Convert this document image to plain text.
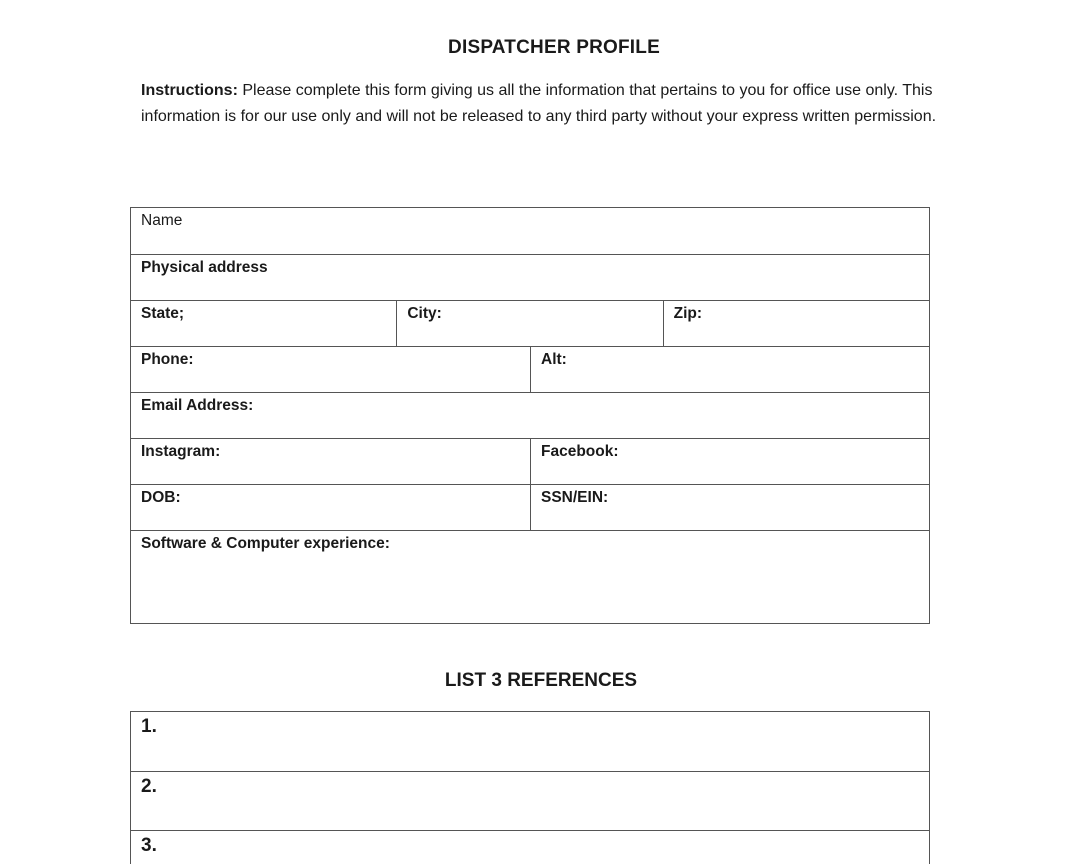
DISPATCHER PROFILE
Instructions: Please complete this form giving us all the information that pertains to you for office use only. This information is for our use only and will not be released to any third party without your express written permission.
Name
Physical address
State;	City:	Zip:
Phone:	Alt:
Email Address:
Instagram:	Facebook:
DOB:	SSN/EIN:
Software & Computer experience:
LIST 3 REFERENCES
1.
2.
3.
